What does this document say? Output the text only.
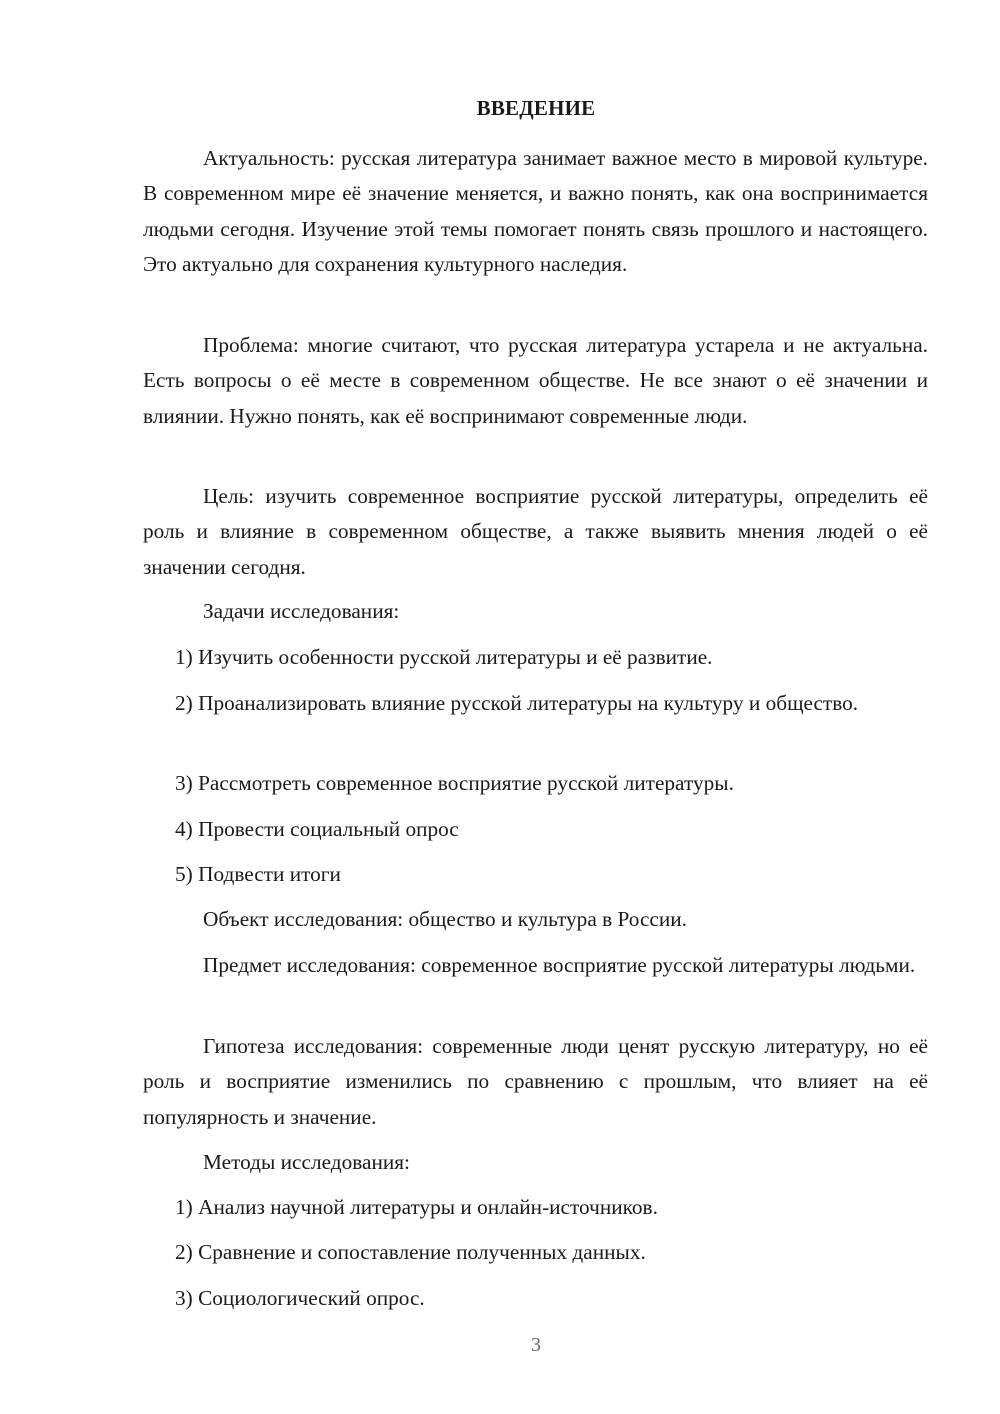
ВВЕДЕНИЕ

Актуальность: русская литература занимает важное место в мировой культуре. В современном мире её значение меняется, и важно понять, как она воспринимается людьми сегодня. Изучение этой темы помогает понять связь прошлого и настоящего. Это актуально для сохранения культурного наследия.

Проблема: многие считают, что русская литература устарела и не актуальна. Есть вопросы о её месте в современном обществе. Не все знают о её значении и влиянии. Нужно понять, как её воспринимают современные люди.

Цель: изучить современное восприятие русской литературы, определить её роль и влияние в современном обществе, а также выявить мнения людей о её значении сегодня.

Задачи исследования:

1) Изучить особенности русской литературы и её развитие.

2) Проанализировать влияние русской литературы на культуру и общество.

3) Рассмотреть современное восприятие русской литературы.

4) Провести социальный опрос

5) Подвести итоги

Объект исследования: общество и культура в России.

Предмет исследования: современное восприятие русской литературы людьми.

Гипотеза исследования: современные люди ценят русскую литературу, но её роль и восприятие изменились по сравнению с прошлым, что влияет на её популярность и значение.

Методы исследования:

1) Анализ научной литературы и онлайн-источников.

2) Сравнение и сопоставление полученных данных.

3) Социологический опрос.

3
